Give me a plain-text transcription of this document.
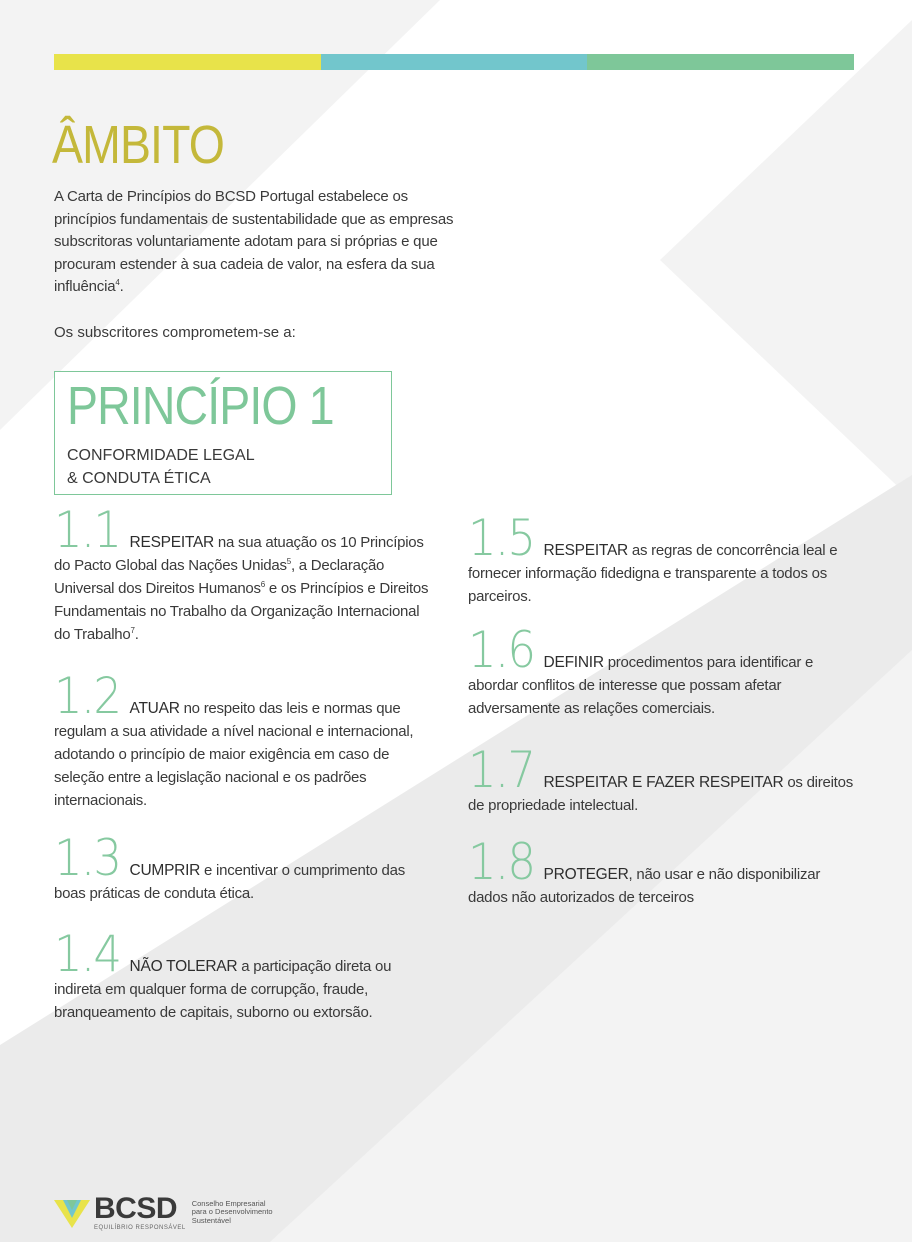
ÂMBITO
A Carta de Princípios do BCSD Portugal estabelece os princípios fundamentais de sustentabilidade que as empresas subscritoras voluntariamente adotam para si próprias e que procuram estender à sua cadeia de valor, na esfera da sua influência$^4$.
Os subscritores comprometem-se a:
PRINCÍPIO 1
CONFORMIDADE LEGAL
& CONDUTA ÉTICA
1.1 RESPEITAR na sua atuação os 10 Princípios do Pacto Global das Nações Unidas$^5$, a Declaração Universal dos Direitos Humanos$^6$ e os Princípios e Direitos Fundamentais no Trabalho da Organização Internacional do Trabalho$^7$.
1.2 ATUAR no respeito das leis e normas que regulam a sua atividade a nível nacional e internacional, adotando o princípio de maior exigência em caso de seleção entre a legislação nacional e os padrões internacionais.
1.3 CUMPRIR e incentivar o cumprimento das boas práticas de conduta ética.
1.4 NÃO TOLERAR a participação direta ou indireta em qualquer forma de corrupção, fraude, branqueamento de capitais, suborno ou extorsão.
1.5 RESPEITAR as regras de concorrência leal e fornecer informação fidedigna e transparente a todos os parceiros.
1.6 DEFINIR procedimentos para identificar e abordar conflitos de interesse que possam afetar adversamente as relações comerciais.
1.7 RESPEITAR E FAZER RESPEITAR os direitos de propriedade intelectual.
1.8 PROTEGER, não usar e não disponibilizar dados não autorizados de terceiros
BCSD
EQUILÍBRIO RESPONSÁVEL
Conselho Empresarial
para o Desenvolvimento
Sustentável
